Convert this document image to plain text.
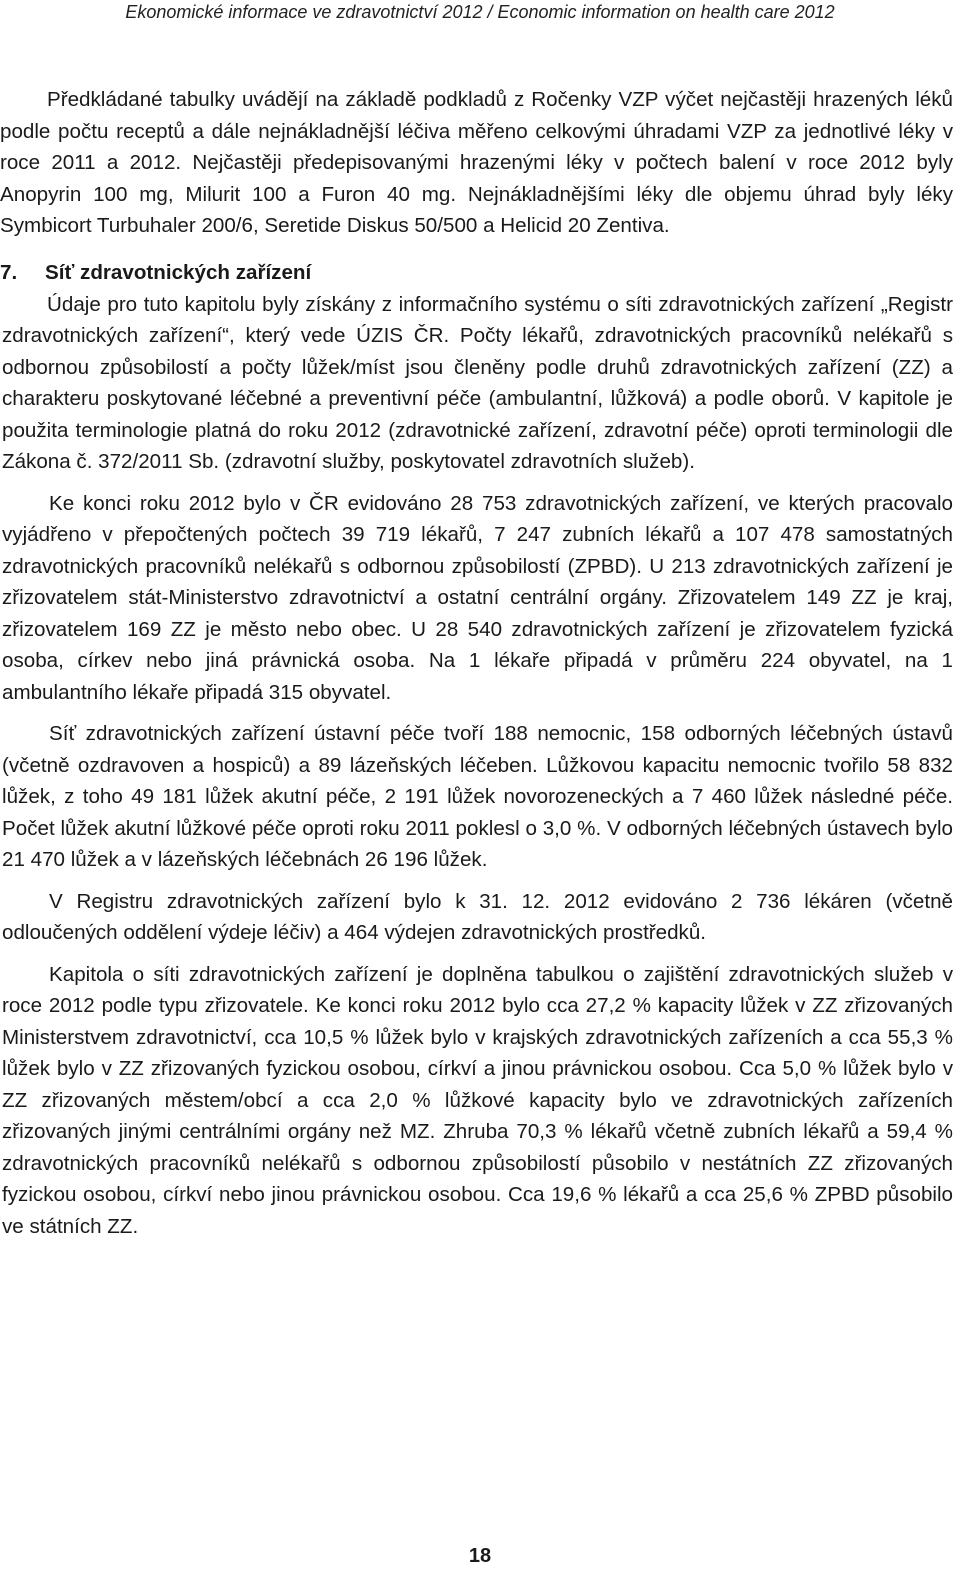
Ekonomické informace ve zdravotnictví 2012 / Economic information on health care 2012

Předkládané tabulky uvádějí na základě podkladů z Ročenky VZP výčet nejčastěji hrazených léků podle počtu receptů a dále nejnákladnější léčiva měřeno celkovými úhradami VZP za jednotlivé léky v roce 2011 a 2012. Nejčastěji předepisovanými hrazenými léky v počtech balení v roce 2012 byly Anopyrin 100 mg, Milurit 100 a Furon 40 mg. Nejnákladnějšími léky dle objemu úhrad byly léky Symbicort Turbuhaler 200/6, Seretide Diskus 50/500 a Helicid 20 Zentiva.

7. Síť zdravotnických zařízení

Údaje pro tuto kapitolu byly získány z informačního systému o síti zdravotnických zařízení „Registr zdravotnických zařízení“, který vede ÚZIS ČR. Počty lékařů, zdravotnických pracovníků nelékařů s odbornou způsobilostí a počty lůžek/míst jsou členěny podle druhů zdravotnických zařízení (ZZ) a charakteru poskytované léčebné a preventivní péče (ambulantní, lůžková) a podle oborů. V kapitole je použita terminologie platná do roku 2012 (zdravotnické zařízení, zdravotní péče) oproti terminologii dle Zákona č. 372/2011 Sb. (zdravotní služby, poskytovatel zdravotních služeb).

Ke konci roku 2012 bylo v ČR evidováno 28 753 zdravotnických zařízení, ve kterých pracovalo vyjádřeno v přepočtených počtech 39 719 lékařů, 7 247 zubních lékařů a 107 478 samostatných zdravotnických pracovníků nelékařů s odbornou způsobilostí (ZPBD). U 213 zdravotnických zařízení je zřizovatelem stát-Ministerstvo zdravotnictví a ostatní centrální orgány. Zřizovatelem 149 ZZ je kraj, zřizovatelem 169 ZZ je město nebo obec. U 28 540 zdravotnických zařízení je zřizovatelem fyzická osoba, církev nebo jiná právnická osoba. Na 1 lékaře připadá v průměru 224 obyvatel, na 1 ambulantního lékaře připadá 315 obyvatel.

Síť zdravotnických zařízení ústavní péče tvoří 188 nemocnic, 158 odborných léčebných ústavů (včetně ozdravoven a hospiců) a 89 lázeňských léčeben. Lůžkovou kapacitu nemocnic tvořilo 58 832 lůžek, z toho 49 181 lůžek akutní péče, 2 191 lůžek novorozeneckých a 7 460 lůžek následné péče. Počet lůžek akutní lůžkové péče oproti roku 2011 poklesl o 3,0 %. V odborných léčebných ústavech bylo 21 470 lůžek a v lázeňských léčebnách 26 196 lůžek.

V Registru zdravotnických zařízení bylo k 31. 12. 2012 evidováno 2 736 lékáren (včetně odloučených oddělení výdeje léčiv) a 464 výdejen zdravotnických prostředků.

Kapitola o síti zdravotnických zařízení je doplněna tabulkou o zajištění zdravotnických služeb v roce 2012 podle typu zřizovatele. Ke konci roku 2012 bylo cca 27,2 % kapacity lůžek v ZZ zřizovaných Ministerstvem zdravotnictví, cca 10,5 % lůžek bylo v krajských zdravotnických zařízeních a cca 55,3 % lůžek bylo v ZZ zřizovaných fyzickou osobou, církví a jinou právnickou osobou. Cca 5,0 % lůžek bylo v ZZ zřizovaných městem/obcí a cca 2,0 % lůžkové kapacity bylo ve zdravotnických zařízeních zřizovaných jinými centrálními orgány než MZ. Zhruba 70,3 % lékařů včetně zubních lékařů a 59,4 % zdravotnických pracovníků nelékařů s odbornou způsobilostí působilo v nestátních ZZ zřizovaných fyzickou osobou, církví nebo jinou právnickou osobou. Cca 19,6 % lékařů a cca 25,6 % ZPBD působilo ve státních ZZ.

18
